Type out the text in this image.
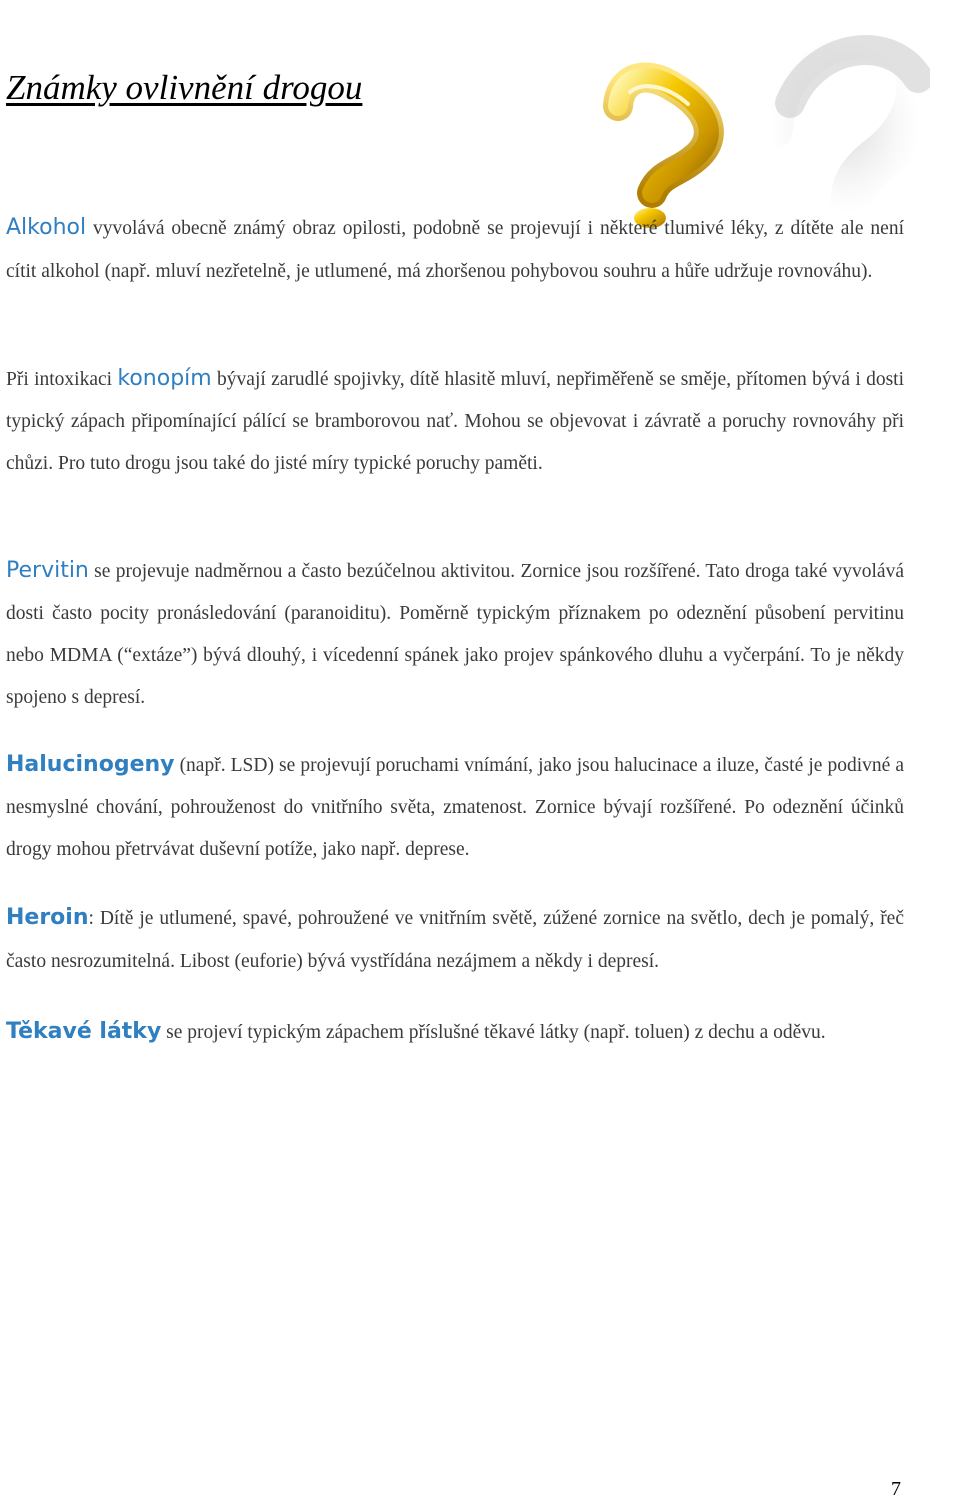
Známky ovlivnění drogou

Alkohol vyvolává obecně známý obraz opilosti, podobně se projevují i některé tlumivé léky, z dítěte ale není cítit alkohol (např. mluví nezřetelně, je utlumené, má zhoršenou pohybovou souhru a hůře udržuje rovnováhu).

Při intoxikaci konopím bývají zarudlé spojivky, dítě hlasitě mluví, nepřiměřeně se směje, přítomen bývá i dosti typický zápach připomínající pálící se bramborovou nať. Mohou se objevovat i závratě a poruchy rovnováhy při chůzi. Pro tuto drogu jsou také do jisté míry typické poruchy paměti.

Pervitin se projevuje nadměrnou a často bezúčelnou aktivitou. Zornice jsou rozšířené. Tato droga také vyvolává dosti často pocity pronásledování (paranoiditu). Poměrně typickým příznakem po odeznění působení pervitinu nebo MDMA (“extáze”) bývá dlouhý, i vícedenní spánek jako projev spánkového dluhu a vyčerpání. To je někdy spojeno s depresí.

Halucinogeny (např. LSD) se projevují poruchami vnímání, jako jsou halucinace a iluze, časté je podivné a nesmyslné chování, pohrouženost do vnitřního světa, zmatenost. Zornice bývají rozšířené. Po odeznění účinků drogy mohou přetrvávat duševní potíže, jako např. deprese.

Heroin: Dítě je utlumené, spavé, pohroužené ve vnitřním světě, zúžené zornice na světlo, dech je pomalý, řeč často nesrozumitelná. Libost (euforie) bývá vystřídána nezájmem a někdy i depresí.

Těkavé látky se projeví typickým zápachem příslušné těkavé látky (např. toluen) z dechu a oděvu.

7
